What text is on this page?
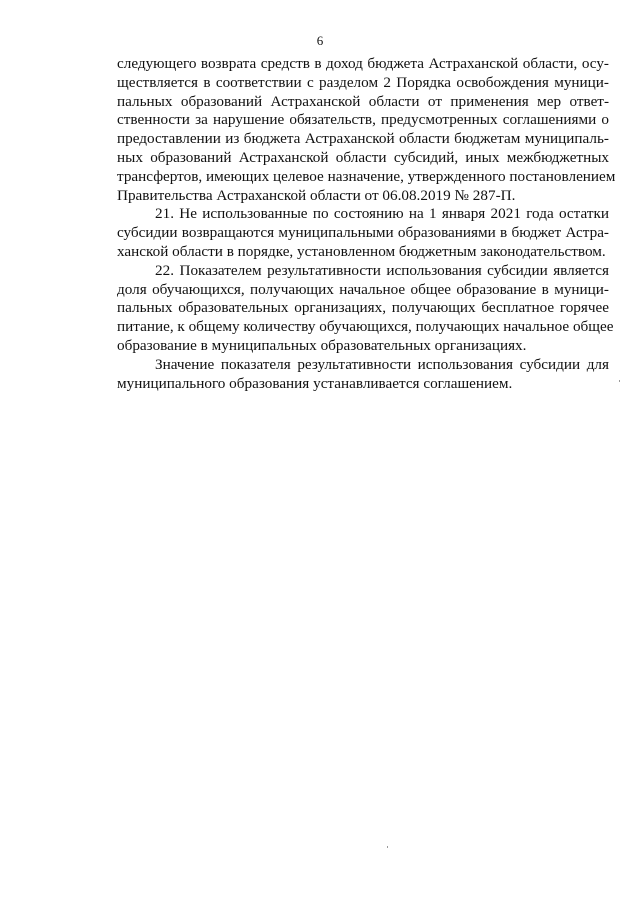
6
следующего возврата средств в доход бюджета Астраханской области, осу-
ществляется в соответствии с разделом 2 Порядка освобождения муници-
пальных образований Астраханской области от применения мер ответ-
ственности за нарушение обязательств, предусмотренных соглашениями о
предоставлении из бюджета Астраханской области бюджетам муниципаль-
ных образований Астраханской области субсидий, иных межбюджетных
трансфертов, имеющих целевое назначение, утвержденного постановлением
Правительства Астраханской области от 06.08.2019 № 287-П.
21. Не использованные по состоянию на 1 января 2021 года остатки
субсидии возвращаются муниципальными образованиями в бюджет Астра-
ханской области в порядке, установленном бюджетным законодательством.
22. Показателем результативности использования субсидии является
доля обучающихся, получающих начальное общее образование в муници-
пальных образовательных организациях, получающих бесплатное горячее
питание, к общему количеству обучающихся, получающих начальное общее
образование в муниципальных образовательных организациях.
Значение показателя результативности использования субсидии для
муниципального образования устанавливается соглашением.
